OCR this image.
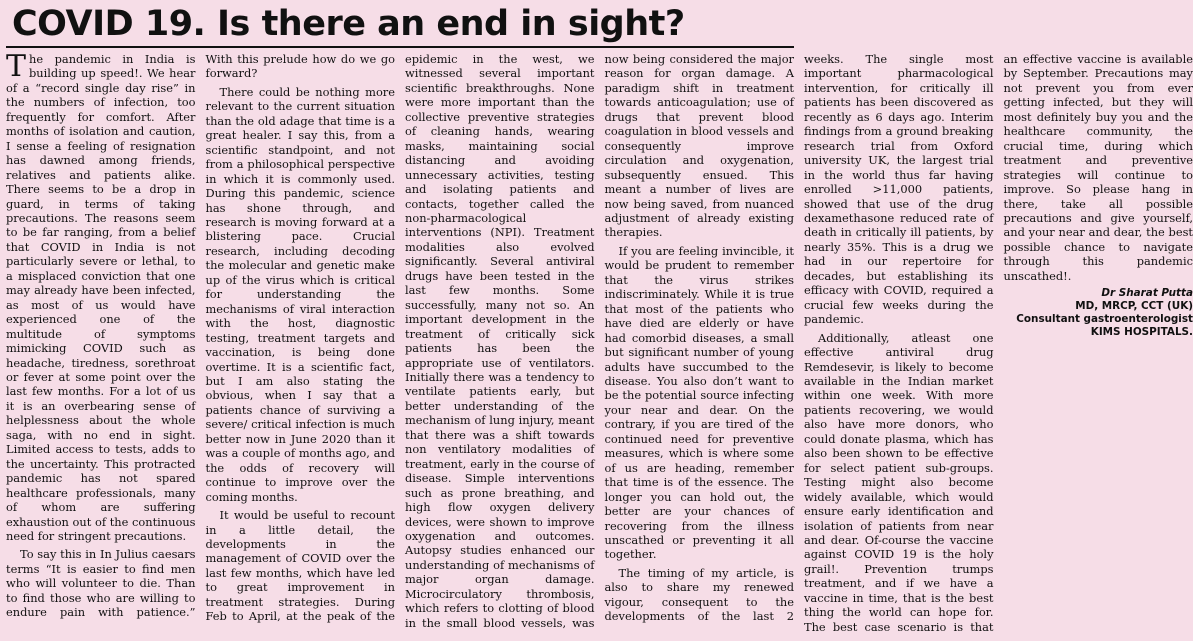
COVID 19. Is there an end in sight?

The pandemic in India is building up speed!. We hear of a “record single day rise” in the numbers of infection, too frequently for comfort. After months of isolation and caution, I sense a feeling of resignation has dawned among friends, relatives and patients alike. There seems to be a drop in guard, in terms of taking precautions. The reasons seem to be far ranging, from a belief that COVID in India is not particularly severe or lethal, to a misplaced conviction that one may already have been infected, as most of us would have experienced one of the multitude of symptoms mimicking COVID such as headache, tiredness, sorethroat or fever at some point over the last few months. For a lot of us it is an overbearing sense of helplessness about the whole saga, with no end in sight. Limited access to tests, adds to the uncertainty. This protracted pandemic has not spared healthcare professionals, many of whom are suffering exhaustion out of the continuous need for stringent precautions.

To say this in In Julius caesars terms “It is easier to find men who will volunteer to die. Than to find those who are willing to endure pain with patience.” With this prelude how do we go forward?

There could be nothing more relevant to the current situation than the old adage that time is a great healer. I say this, from a scientific standpoint, and not from a philosophical perspective in which it is commonly used. During this pandemic, science has shone through, and research is moving forward at a blistering pace. Crucial research, including decoding the molecular and genetic make up of the virus which is critical for understanding the mechanisms of viral interaction with the host, diagnostic testing, treatment targets and vaccination, is being done overtime. It is a scientific fact, but I am also stating the obvious, when I say that a patients chance of surviving a severe/ critical infection is much better now in June 2020 than it was a couple of months ago, and the odds of recovery will continue to improve over the coming months.

It would be useful to recount in a little detail, the developments in the management of COVID over the last few months, which have led to great improvement in treatment strategies. During Feb to April, at the peak of the epidemic in the west, we witnessed several important scientific breakthroughs. None were more important than the collective preventive strategies of cleaning hands, wearing masks, maintaining social distancing and avoiding unnecessary activities, testing and isolating patients and contacts, together called the non-pharmacological interventions (NPI). Treatment modalities also evolved significantly. Several antiviral drugs have been tested in the last few months. Some successfully, many not so. An important development in the treatment of critically sick patients has been the appropriate use of ventilators. Initially there was a tendency to ventilate patients early, but better understanding of the mechanism of lung injury, meant that there was a shift towards non ventilatory modalities of treatment, early in the course of disease. Simple interventions such as prone breathing, and high flow oxygen delivery devices, were shown to improve oxygenation and outcomes. Autopsy studies enhanced our understanding of mechanisms of major organ damage. Microcirculatory thrombosis, which refers to clotting of blood in the small blood vessels, was now being considered the major reason for organ damage. A paradigm shift in treatment towards anticoagulation; use of drugs that prevent blood coagulation in blood vessels and consequently improve circulation and oxygenation, subsequently ensued. This meant a number of lives are now being saved, from nuanced adjustment of already existing therapies.

If you are feeling invincible, it would be prudent to remember that the virus strikes indiscriminately. While it is true that most of the patients who have died are elderly or have had comorbid diseases, a small but significant number of young adults have succumbed to the disease. You also don’t want to be the potential source infecting your near and dear. On the contrary, if you are tired of the continued need for preventive measures, which is where some of us are heading, remember that time is of the essence. The longer you can hold out, the better are your chances of recovering from the illness unscathed or preventing it all together.

The timing of my article, is also to share my renewed vigour, consequent to the developments of the last 2 weeks. The single most important pharmacological intervention, for critically ill patients has been discovered as recently as 6 days ago. Interim findings from a ground breaking research trial from Oxford university UK, the largest trial in the world thus far having enrolled >11,000 patients, showed that use of the drug dexamethasone reduced rate of death in critically ill patients, by nearly 35%. This is a drug we had in our repertoire for decades, but establishing its efficacy with COVID, required a crucial few weeks during the pandemic.

Additionally, atleast one effective antiviral drug Remdesevir, is likely to become available in the Indian market within one week. With more patients recovering, we would also have more donors, who could donate plasma, which has also been shown to be effective for select patient sub-groups. Testing might also become widely available, which would ensure early identification and isolation of patients from near and dear. Of-course the vaccine against COVID 19 is the holy grail!. Prevention trumps treatment, and if we have a vaccine in time, that is the best thing the world can hope for. The best case scenario is that an effective vaccine is available by September. Precautions may not prevent you from ever getting infected, but they will most definitely buy you and the healthcare community, the crucial time, during which treatment and preventive strategies will continue to improve. So please hang in there, take all possible precautions and give yourself, and your near and dear, the best possible chance to navigate through this pandemic unscathed!.

Dr Sharat Putta
MD, MRCP, CCT (UK)
Consultant gastroenterologist
KIMS HOSPITALS.
